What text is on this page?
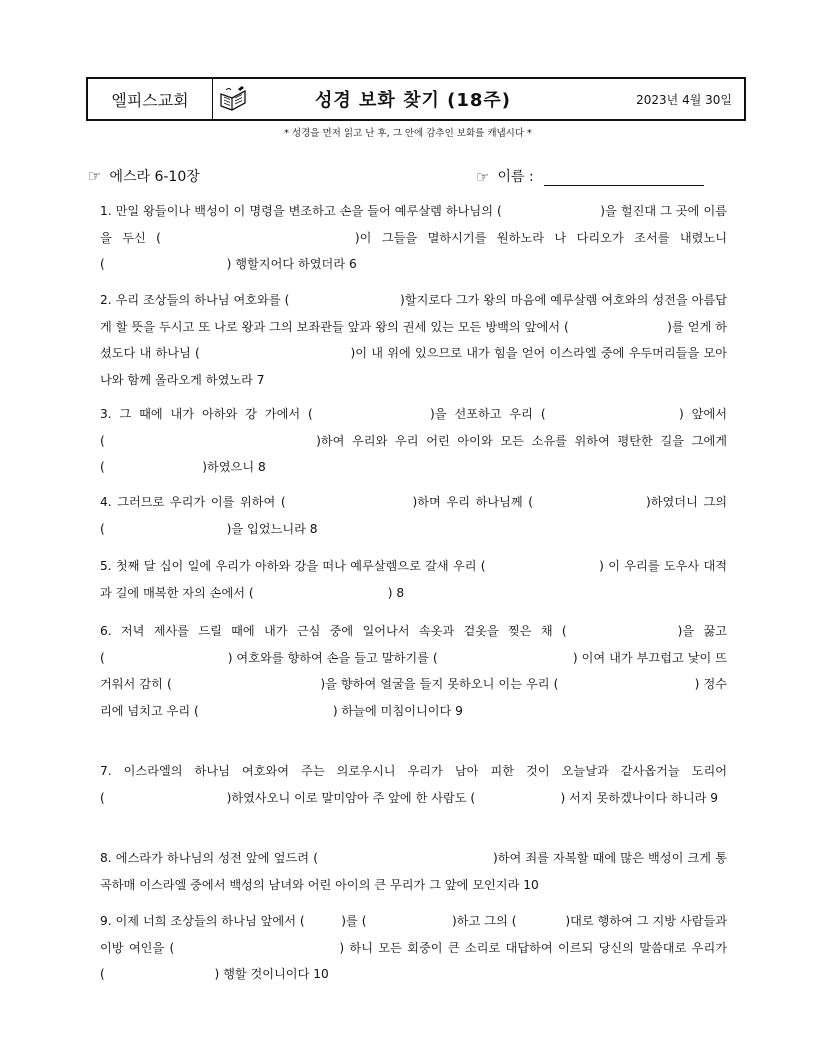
엘피스교회	성경 보화 찾기 (18주)	2023년 4월 30일
* 성경을 먼저 읽고 난 후, 그 안에 감추인 보화를 캐냅시다 *
☞ 에스라 6-10장	☞ 이름 :

1. 만일 왕들이나 백성이 이 명령을 변조하고 손을 들어 예루살렘 하나님의 (　　　　　　　　)을 헐진대 그 곳에 이름을 두신 (　　　　　　　　　　)이 그들을 멸하시기를 원하노라 나 다리오가 조서를 내렸노니 (　　　　　　　　　　) 행할지어다 하였더라 6

2. 우리 조상들의 하나님 여호와를 (　　　　　　　　　)할지로다 그가 왕의 마음에 예루살렘 여호와의 성전을 아름답게 할 뜻을 두시고 또 나로 왕과 그의 보좌관들 앞과 왕의 권세 있는 모든 방백의 앞에서 (　　　　　　　　)를 얻게 하셨도다 내 하나님 (　　　　　　　　　　　　)이 내 위에 있으므로 내가 힘을 얻어 이스라엘 중에 우두머리들을 모아 나와 함께 올라오게 하였노라 7

3. 그 때에 내가 아하와 강 가에서 (　　　　　　　)을 선포하고 우리 (　　　　　　　　) 앞에서 (　　　　　　　　　　　　　)하여 우리와 우리 어린 아이와 모든 소유를 위하여 평탄한 길을 그에게 (　　　　　　　　)하였으니 8

4. 그러므로 우리가 이를 위하여 (　　　　　　　　　)하며 우리 하나님께 (　　　　　　　　)하였더니 그의 (　　　　　　　　　　)을 입었느니라 8

5. 첫째 달 십이 일에 우리가 아하와 강을 떠나 예루살렘으로 갈새 우리 (　　　　　　　　　) 이 우리를 도우사 대적과 길에 매복한 자의 손에서 (　　　　　　　　　　　) 8

6. 저녁 제사를 드릴 때에 내가 근심 중에 일어나서 속옷과 겉옷을 찢은 채 (　　　　　　)을 꿇고 (　　　　　　　　　　) 여호와를 향하여 손을 들고 말하기를 (　　　　　　　　　　　) 이여 내가 부끄럽고 낯이 뜨거워서 감히 (　　　　　　　　　　　　)을 향하여 얼굴을 들지 못하오니 이는 우리 (　　　　　　　　　　　) 정수리에 넘치고 우리 (　　　　　　　　　　　) 하늘에 미침이니이다 9

7. 이스라엘의 하나님 여호와여 주는 의로우시니 우리가 남아 피한 것이 오늘날과 같사옵거늘 도리어 (　　　　　　　　　　)하였사오니 이로 말미암아 주 앞에 한 사람도 (　　　　　　　) 서지 못하겠나이다 하니라 9

8. 에스라가 하나님의 성전 앞에 엎드려 (　　　　　　　　　　　　　　)하여 죄를 자복할 때에 많은 백성이 크게 통곡하매 이스라엘 중에서 백성의 남녀와 어린 아이의 큰 무리가 그 앞에 모인지라 10

9. 이제 너희 조상들의 하나님 앞에서 (　　　)를 (　　　　　　　)하고 그의 (　　　　)대로 행하여 그 지방 사람들과 이방 여인을 (　　　　　　　　　　　　) 하니 모든 회중이 큰 소리로 대답하여 이르되 당신의 말씀대로 우리가 (　　　　　　　　　) 행할 것이니이다 10
